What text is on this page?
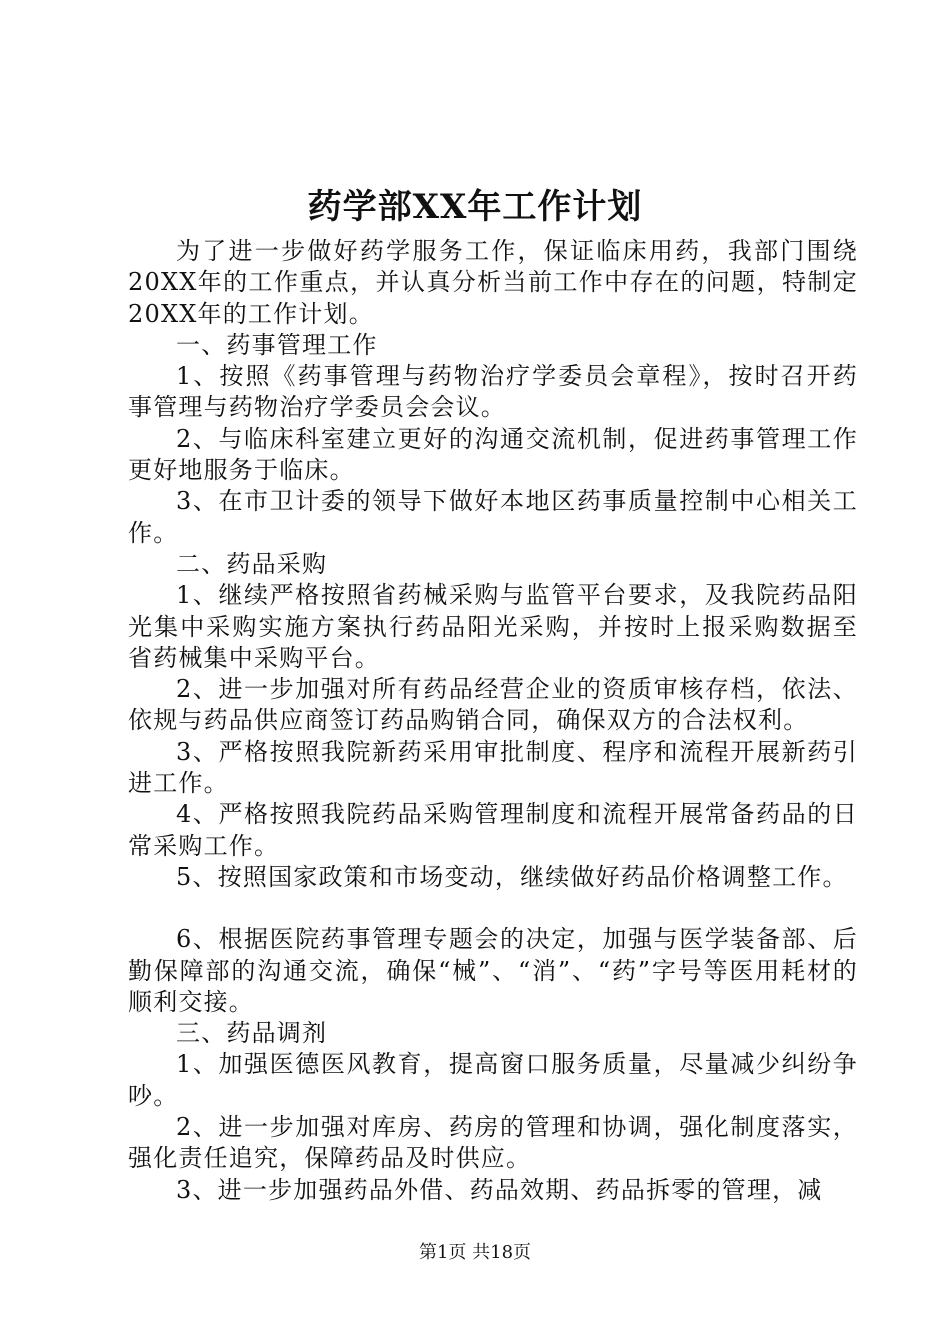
药学部XX年工作计划

为了进一步做好药学服务工作，保证临床用药，我部门围绕20XX年的工作重点，并认真分析当前工作中存在的问题，特制定20XX年的工作计划。

一、药事管理工作

1、按照《药事管理与药物治疗学委员会章程》，按时召开药事管理与药物治疗学委员会会议。

2、与临床科室建立更好的沟通交流机制，促进药事管理工作更好地服务于临床。

3、在市卫计委的领导下做好本地区药事质量控制中心相关工作。

二、药品采购

1、继续严格按照省药械采购与监管平台要求，及我院药品阳光集中采购实施方案执行药品阳光采购，并按时上报采购数据至省药械集中采购平台。

2、进一步加强对所有药品经营企业的资质审核存档，依法、依规与药品供应商签订药品购销合同，确保双方的合法权利。

3、严格按照我院新药采用审批制度、程序和流程开展新药引进工作。

4、严格按照我院药品采购管理制度和流程开展常备药品的日常采购工作。

5、按照国家政策和市场变动，继续做好药品价格调整工作。

6、根据医院药事管理专题会的决定，加强与医学装备部、后勤保障部的沟通交流，确保“械”、“消”、“药”字号等医用耗材的顺利交接。

三、药品调剂

1、加强医德医风教育，提高窗口服务质量，尽量减少纠纷争吵。

2、进一步加强对库房、药房的管理和协调，强化制度落实，强化责任追究，保障药品及时供应。

3、进一步加强药品外借、药品效期、药品拆零的管理，减

第1页 共18页
